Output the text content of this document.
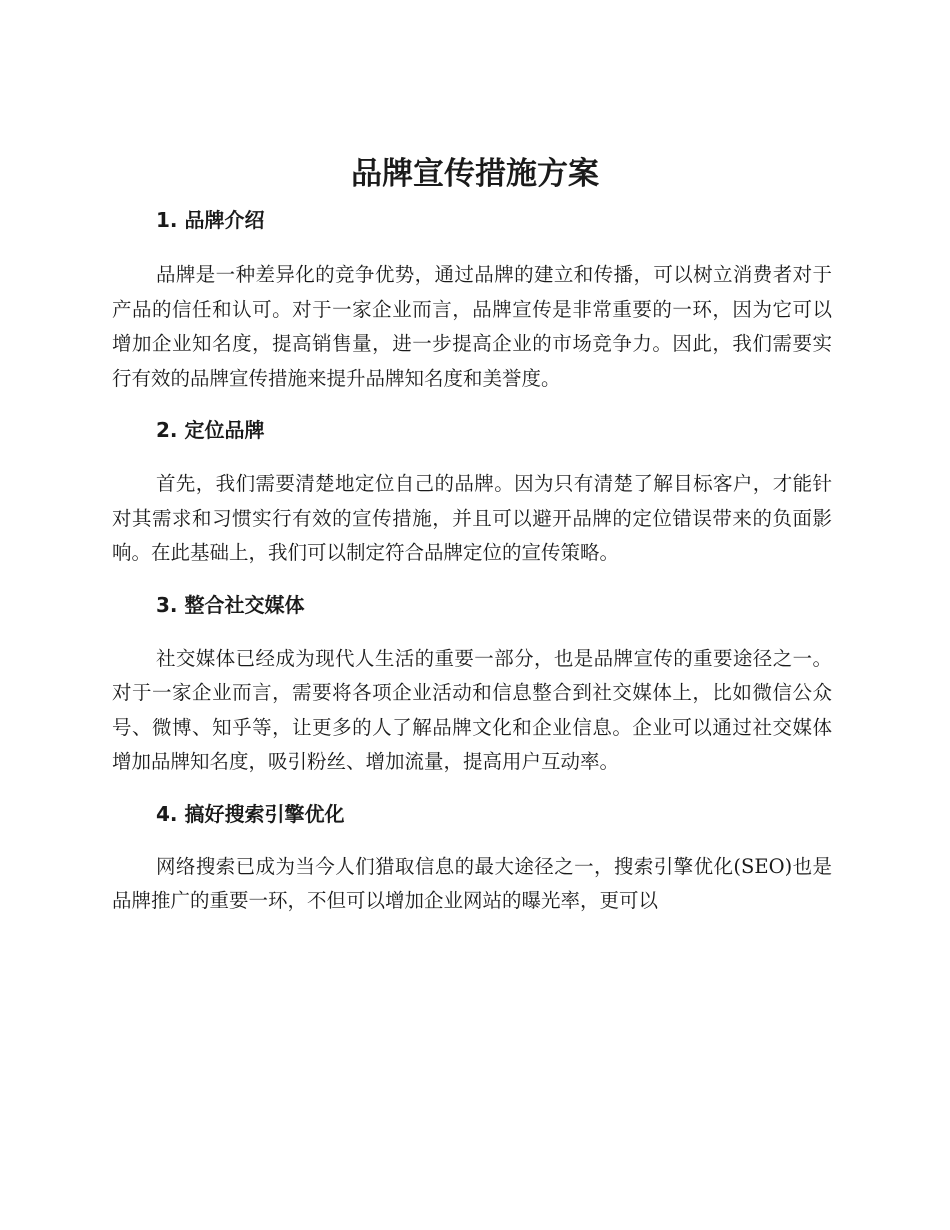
品牌宣传措施方案
1. 品牌介绍

品牌是一种差异化的竞争优势，通过品牌的建立和传播，可以树立消费者对于产品的信任和认可。对于一家企业而言，品牌宣传是非常重要的一环，因为它可以增加企业知名度，提高销售量，进一步提高企业的市场竞争力。因此，我们需要实行有效的品牌宣传措施来提升品牌知名度和美誉度。

2. 定位品牌

首先，我们需要清楚地定位自己的品牌。因为只有清楚了解目标客户，才能针对其需求和习惯实行有效的宣传措施，并且可以避开品牌的定位错误带来的负面影响。在此基础上，我们可以制定符合品牌定位的宣传策略。

3. 整合社交媒体

社交媒体已经成为现代人生活的重要一部分，也是品牌宣传的重要途径之一。对于一家企业而言，需要将各项企业活动和信息整合到社交媒体上，比如微信公众号、微博、知乎等，让更多的人了解品牌文化和企业信息。企业可以通过社交媒体增加品牌知名度，吸引粉丝、增加流量，提高用户互动率。

4. 搞好搜索引擎优化

网络搜索已成为当今人们猎取信息的最大途径之一，搜索引擎优化(SEO)也是品牌推广的重要一环，不但可以增加企业网站的曝光率，更可以
